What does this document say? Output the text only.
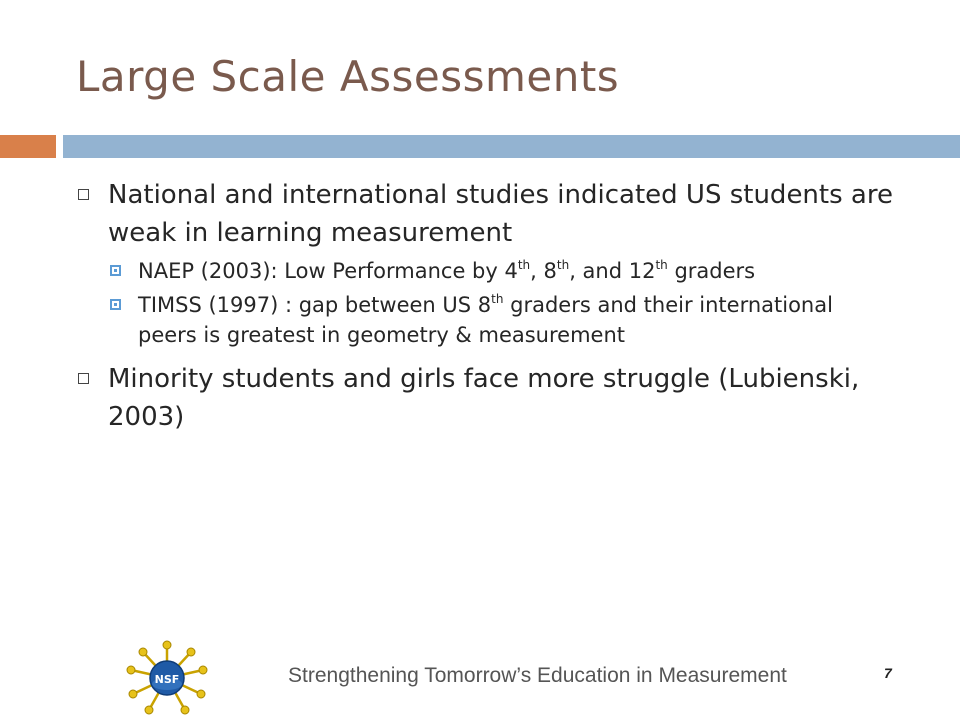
Large Scale Assessments
National and international studies indicated US students are weak in learning measurement
NAEP (2003): Low Performance by 4th, 8th, and 12th graders
TIMSS (1997) : gap between US 8th graders and their international peers is greatest in geometry & measurement
Minority students and girls face more struggle (Lubienski, 2003)
NSF	Strengthening Tomorrow’s Education in Measurement	7
